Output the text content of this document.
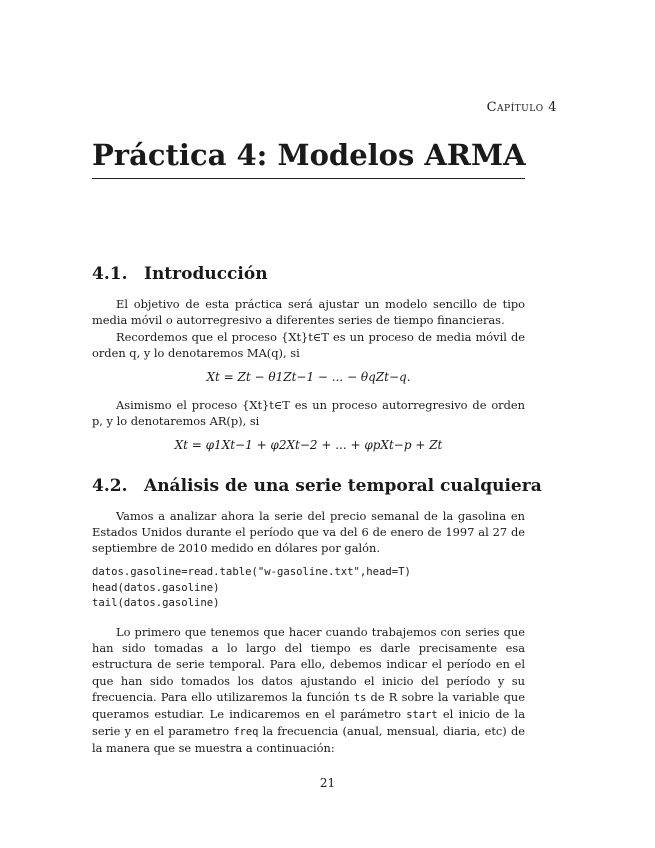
Capítulo 4
Práctica 4: Modelos ARMA
4.1. Introducción

El objetivo de esta práctica será ajustar un modelo sencillo de tipo media móvil o autorregresivo a diferentes series de tiempo financieras.

Recordemos que el proceso {Xt}t∈T es un proceso de media móvil de orden q, y lo denotaremos MA(q), si

Xt = Zt − θ1Zt−1 − ... − θqZt−q.

Asimismo el proceso {Xt}t∈T es un proceso autorregresivo de orden p, y lo denotaremos AR(p), si

Xt = φ1Xt−1 + φ2Xt−2 + ... + φpXt−p + Zt

4.2. Análisis de una serie temporal cualquiera

Vamos a analizar ahora la serie del precio semanal de la gasolina en Estados Unidos durante el período que va del 6 de enero de 1997 al 27 de septiembre de 2010 medido en dólares por galón.

datos.gasoline=read.table("w-gasoline.txt",head=T)
head(datos.gasoline)
tail(datos.gasoline)

Lo primero que tenemos que hacer cuando trabajemos con series que han sido tomadas a lo largo del tiempo es darle precisamente esa estructura de serie temporal. Para ello, debemos indicar el período en el que han sido tomados los datos ajustando el inicio del período y su frecuencia. Para ello utilizaremos la función ts de R sobre la variable que queramos estudiar. Le indicaremos en el parámetro start el inicio de la serie y en el parametro freq la frecuencia (anual, mensual, diaria, etc) de la manera que se muestra a continuación:

21
